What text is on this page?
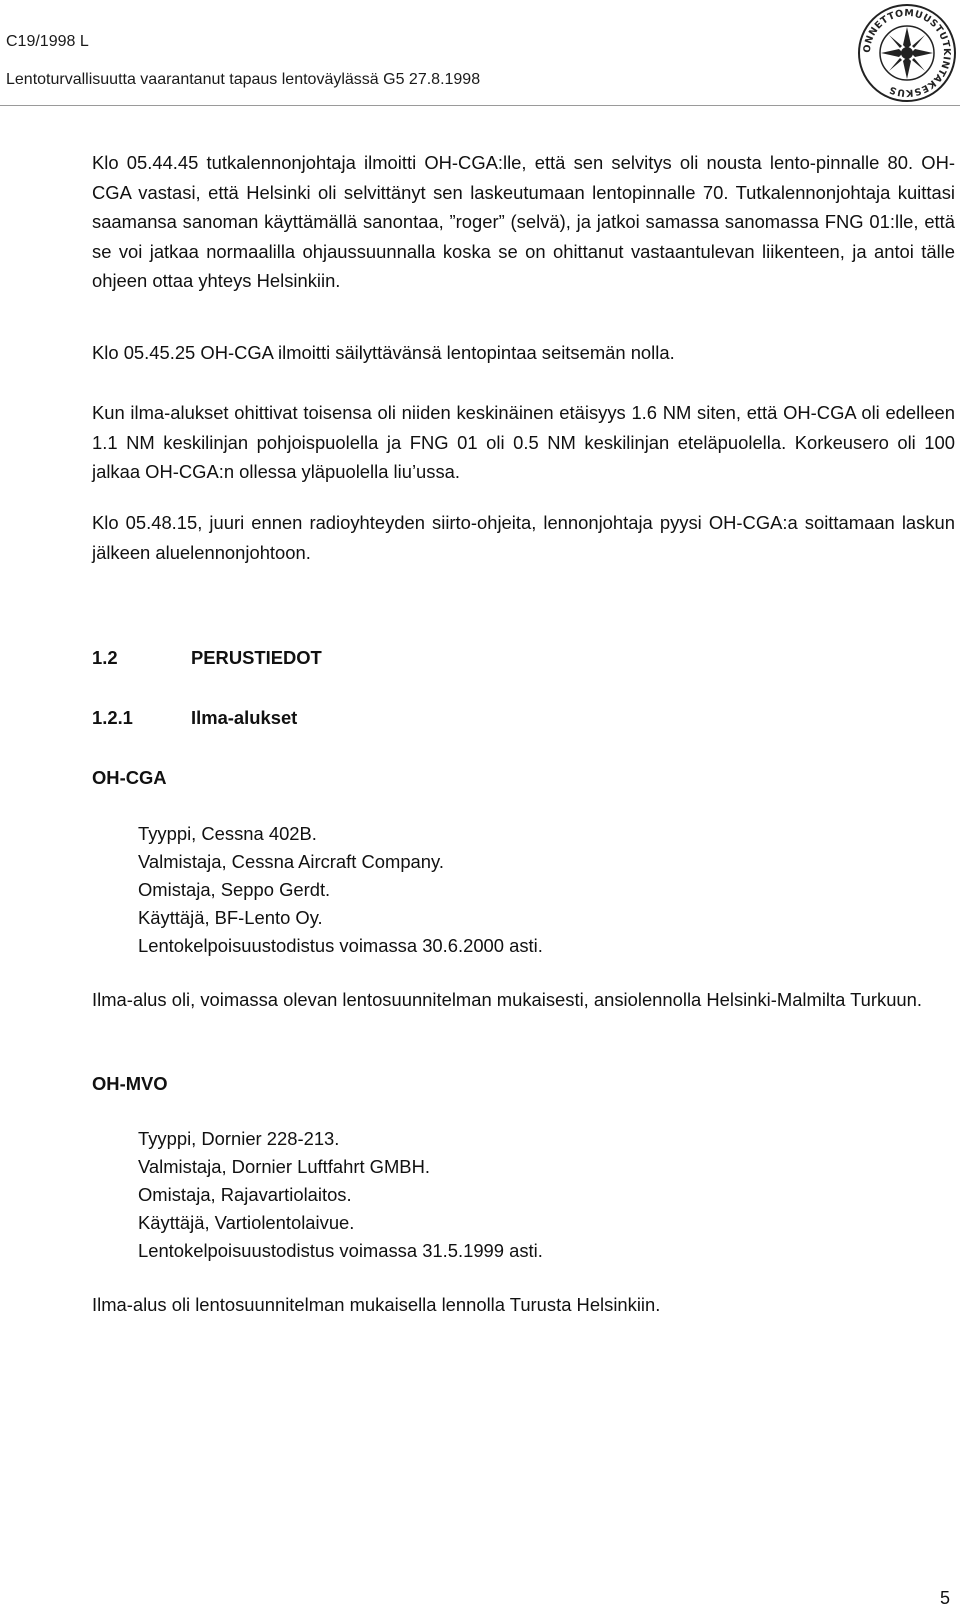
C19/1998 L
Lentoturvallisuutta vaarantanut tapaus lentoväylässä G5 27.8.1998
ONNETTOMUUSTUTKINTAKESKUS

Klo 05.44.45 tutkalennonjohtaja ilmoitti OH-CGA:lle, että sen selvitys oli nousta lento-pinnalle 80. OH-CGA vastasi, että Helsinki oli selvittänyt sen laskeutumaan lentopinnalle 70. Tutkalennonjohtaja kuittasi saamansa sanoman käyttämällä sanontaa, ”roger” (selvä), ja jatkoi samassa sanomassa FNG 01:lle, että se voi jatkaa normaalilla ohjaussuunnalla koska se on ohittanut vastaantulevan liikenteen, ja antoi tälle ohjeen ottaa yhteys Helsinkiin.

Klo 05.45.25 OH-CGA ilmoitti säilyttävänsä lentopintaa seitsemän nolla.

Kun ilma-alukset ohittivat toisensa oli niiden keskinäinen etäisyys 1.6 NM siten, että OH-CGA oli edelleen 1.1 NM keskilinjan pohjoispuolella ja FNG 01 oli 0.5 NM keskilinjan eteläpuolella. Korkeusero oli 100 jalkaa OH-CGA:n ollessa yläpuolella liu’ussa.

Klo 05.48.15, juuri ennen radioyhteyden siirto-ohjeita, lennonjohtaja pyysi OH-CGA:a soittamaan laskun jälkeen aluelennonjohtoon.

1.2	PERUSTIEDOT
1.2.1	Ilma-alukset
OH-CGA
Tyyppi, Cessna 402B.
Valmistaja, Cessna Aircraft Company.
Omistaja, Seppo Gerdt.
Käyttäjä, BF-Lento Oy.
Lentokelpoisuustodistus voimassa 30.6.2000 asti.

Ilma-alus oli, voimassa olevan lentosuunnitelman mukaisesti, ansiolennolla Helsinki-Malmilta Turkuun.

OH-MVO
Tyyppi, Dornier 228-213.
Valmistaja, Dornier Luftfahrt GMBH.
Omistaja, Rajavartiolaitos.
Käyttäjä, Vartiolentolaivue.
Lentokelpoisuustodistus voimassa 31.5.1999 asti.

Ilma-alus oli lentosuunnitelman mukaisella lennolla Turusta Helsinkiin.

5
